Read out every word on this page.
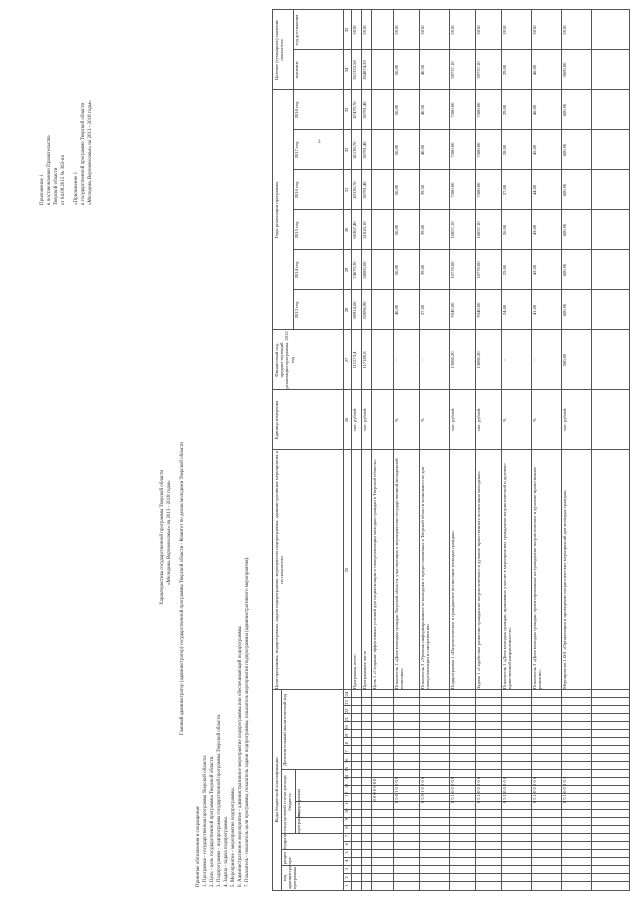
3
Приложение 1 к постановлению Правительства Тверской области от 04.08.2015 № 363-пп «Приложение 1 к государственной программе Тверской области «Молодежь Верхневолжья» на 2013 - 2018 годы»
Характеристика государственной программы Тверской области «Молодежь Верхневолжья» на 2013 - 2018 годы» Главный администратор (администратор) государственной программы Тверской области - Комитет по делам молодежи Тверской области
Принятые обозначения и сокращения: 1. Программа - государственная программа Тверской области. 2. Цель - цель государственной программы Тверской области. 3. Подпрограмма - подпрограмма государственной программы Тверской области. 4. Задача - задача подпрограммы. 5. Мероприятие - мероприятие подпрограммы. 6. Административное мероприятие - административное мероприятие подпрограммы или обеспечивающей подпрограммы. 7. Показатель - показатель цели программы, показатель задачи подпрограммы, показатель мероприятия подпрограммы (административного мероприятия).	Коды бюджетной классификации
Цели программы, подпрограммы, задачи подпрограммы, мероприятия подпрограммы, административные мероприятия и их показатели
Единица измерения
Финансовый год, предшествующий реализации программы, 2012 год
Годы реализации программы
Целевое (суммарное) значение показателя
значение
год достижения
код администратора программы
раздел
подраздел
код целевой статьи расхода бюджета
программа
подпрограмма
Дополнительный аналитический код
2013 год
2014 год
2015 год
2016 год
2017 год
2018 год
1
2
3
4
5
6
7
8
9
10
11
12
13
14
15
16
17
18
19
20
21
22
23
24
25
26
27
28
29
30
31
32
33
34
35
Программа, всего
тыс. рублей
111573,4
80914,00
74679,20
66367,40
43130,70
41130,70
47479,70
361333,50
2018
Программная часть
тыс. рублей
117180,8
82096,90
58085,00
51818,10
30791,40
30791,40
30791,40
284874,20
2018
0 0 0 0 0 0 0
Цель 1 «Создание эффективных условий для социализации и самореализации молодых граждан в Тверской области»
0 5 0 1 0 0 0 0
Показатель 1 «Доля молодых граждан Тверской области, участвующих в мероприятиях государственной молодежной политики»
%
-
40,00
50,00
50,00
50,00
50,00
50,00
50,00
2018
0 5 0 1 0 0 0 0
Показатель 2 «Уровень информированности молодежи о предоставляемых в Тверской области возможностях для самореализации и саморазвития»
%
-
37,00
39,00
39,00
39,50
40,00
40,50
40,50
2018
0 5 1 0 0 0 0 0
Подпрограмма 1 «Патриотическое и гражданское воспитание молодых граждан»
тыс. рублей
13080,20
9340,00
10770,00
16857,10
7580,00
7580,00
7580,00
59737,10
2018
0 5 1 0 0 0 0 0
Задача 1 «Содействие развитию гражданско-патриотического и духовно-нравственного воспитания молодежи»
тыс. рублей
13080,20
9340,00
10770,00
16857,10
7580,00
7580,00
7580,00
59737,10
2018
0 5 1 0 0 0 0 0
Показатель 1 «Доля молодых граждан, принявших участие в мероприятиях гражданско-патриотической и духовно-нравственной направленности»
%
-
24,00
25,00
26,00
27,00
28,00
29,00
29,00
2018
0 5 1 0 0 0 0 0
Показатель 2 «Доля молодых граждан, ориентированных на гражданско-патриотическое и духовно-нравственное развитие»
%
-
41,00
42,00
43,00
44,00
45,00
46,00
46,00
2018
0 5 1 0 0 1 0 1
Мероприятие 1.001 «Организация и проведение патриотических мероприятий для молодых граждан»
тыс. рублей
500,00
600,00
600,00
600,00
600,00
600,00
600,00
3600,00
2018
